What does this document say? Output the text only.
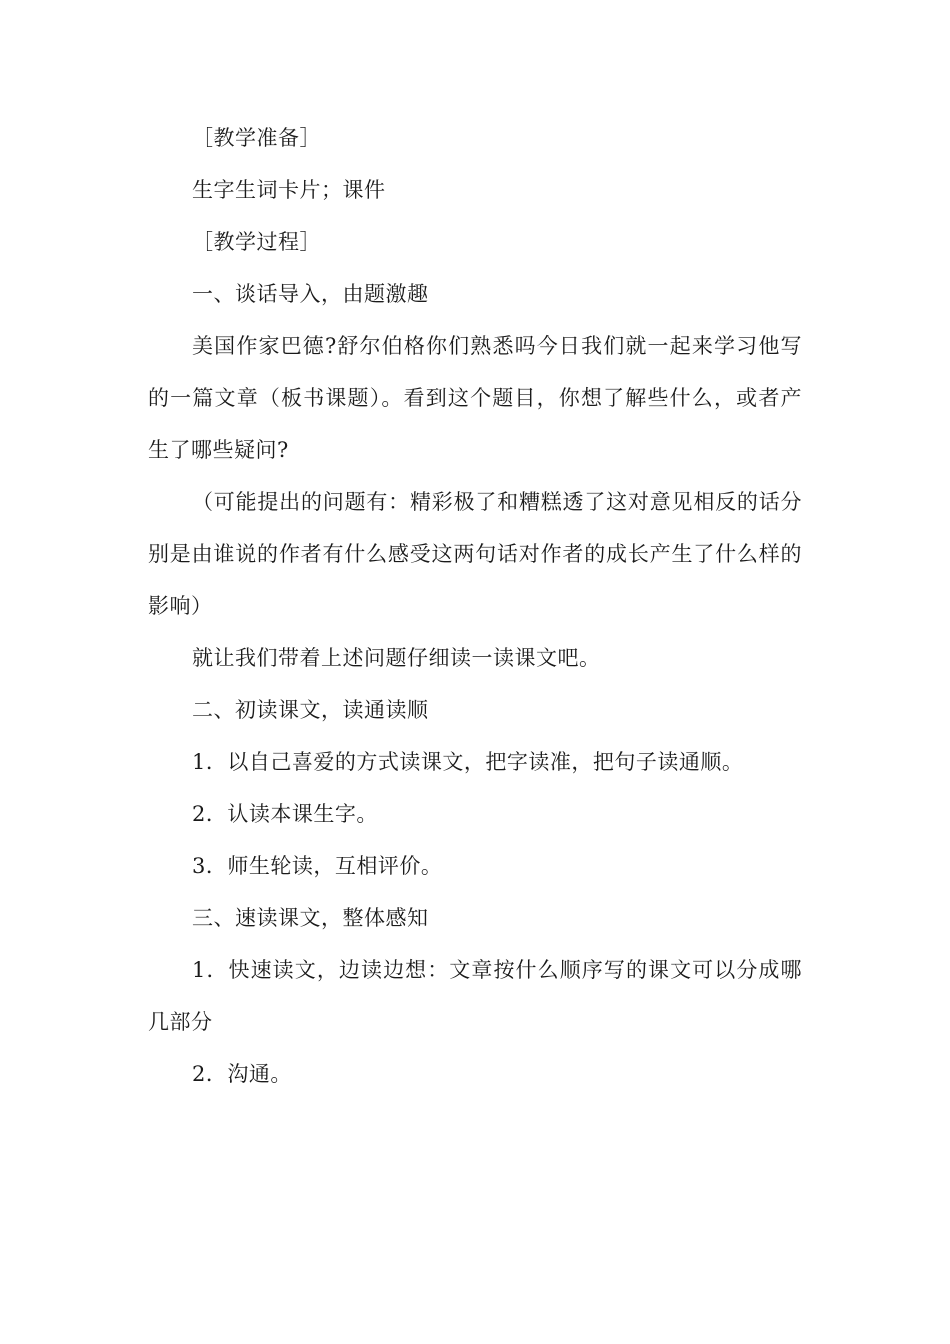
［教学准备］

生字生词卡片；课件

［教学过程］

一、谈话导入，由题激趣

美国作家巴德?舒尔伯格你们熟悉吗今日我们就一起来学习他写的一篇文章（板书课题）。看到这个题目，你想了解些什么，或者产生了哪些疑问?

（可能提出的问题有：精彩极了和糟糕透了这对意见相反的话分别是由谁说的作者有什么感受这两句话对作者的成长产生了什么样的影响）

就让我们带着上述问题仔细读一读课文吧。

二、初读课文，读通读顺

1．以自己喜爱的方式读课文，把字读准，把句子读通顺。

2．认读本课生字。

3．师生轮读，互相评价。

三、速读课文，整体感知

1．快速读文，边读边想：文章按什么顺序写的课文可以分成哪几部分

2．沟通。
